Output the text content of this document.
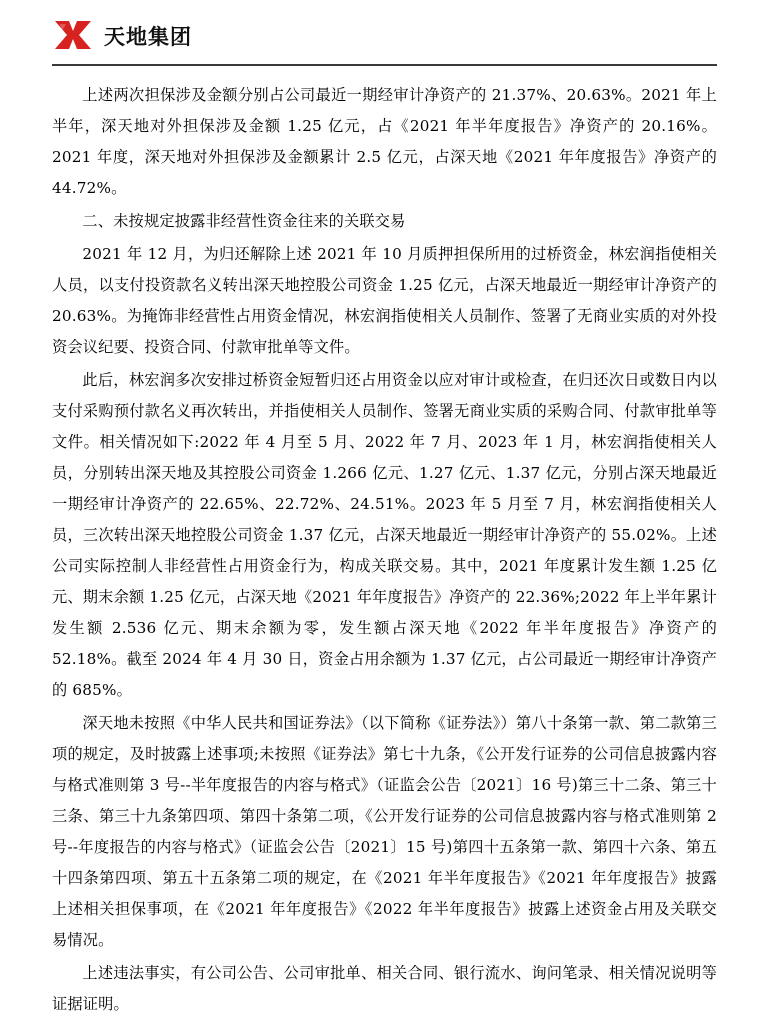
天地集团

上述两次担保涉及金额分别占公司最近一期经审计净资产的 21.37%、20.63%。2021 年上半年，深天地对外担保涉及金额 1.25 亿元，占《2021 年半年度报告》净资产的 20.16%。2021 年度，深天地对外担保涉及金额累计 2.5 亿元，占深天地《2021 年年度报告》净资产的 44.72%。

二、未按规定披露非经营性资金往来的关联交易

2021 年 12 月，为归还解除上述 2021 年 10 月质押担保所用的过桥资金，林宏润指使相关人员，以支付投资款名义转出深天地控股公司资金 1.25 亿元，占深天地最近一期经审计净资产的 20.63%。为掩饰非经营性占用资金情况，林宏润指使相关人员制作、签署了无商业实质的对外投资会议纪要、投资合同、付款审批单等文件。

此后，林宏润多次安排过桥资金短暂归还占用资金以应对审计或检查，在归还次日或数日内以支付采购预付款名义再次转出，并指使相关人员制作、签署无商业实质的采购合同、付款审批单等文件。相关情况如下:2022 年 4 月至 5 月、2022 年 7 月、2023 年 1 月，林宏润指使相关人员，分别转出深天地及其控股公司资金 1.266 亿元、1.27 亿元、1.37 亿元，分别占深天地最近一期经审计净资产的 22.65%、22.72%、24.51%。2023 年 5 月至 7 月，林宏润指使相关人员，三次转出深天地控股公司资金 1.37 亿元，占深天地最近一期经审计净资产的 55.02%。上述公司实际控制人非经营性占用资金行为，构成关联交易。其中，2021 年度累计发生额 1.25 亿元、期末余额 1.25 亿元，占深天地《2021 年年度报告》净资产的 22.36%;2022 年上半年累计发生额 2.536 亿元、期末余额为零，发生额占深天地《2022 年半年度报告》净资产的 52.18%。截至 2024 年 4 月 30 日，资金占用余额为 1.37 亿元，占公司最近一期经审计净资产的 685%。

深天地未按照《中华人民共和国证券法》（以下简称《证券法》）第八十条第一款、第二款第三项的规定，及时披露上述事项;未按照《证券法》第七十九条，《公开发行证券的公司信息披露内容与格式准则第 3 号--半年度报告的内容与格式》（证监会公告〔2021〕16 号)第三十二条、第三十三条、第三十九条第四项、第四十条第二项，《公开发行证券的公司信息披露内容与格式准则第 2 号--年度报告的内容与格式》（证监会公告〔2021〕15 号)第四十五条第一款、第四十六条、第五十四条第四项、第五十五条第二项的规定，在《2021 年半年度报告》《2021 年年度报告》披露上述相关担保事项，在《2021 年年度报告》《2022 年半年度报告》披露上述资金占用及关联交易情况。

上述违法事实，有公司公告、公司审批单、相关合同、银行流水、询问笔录、相关情况说明等证据证明。
